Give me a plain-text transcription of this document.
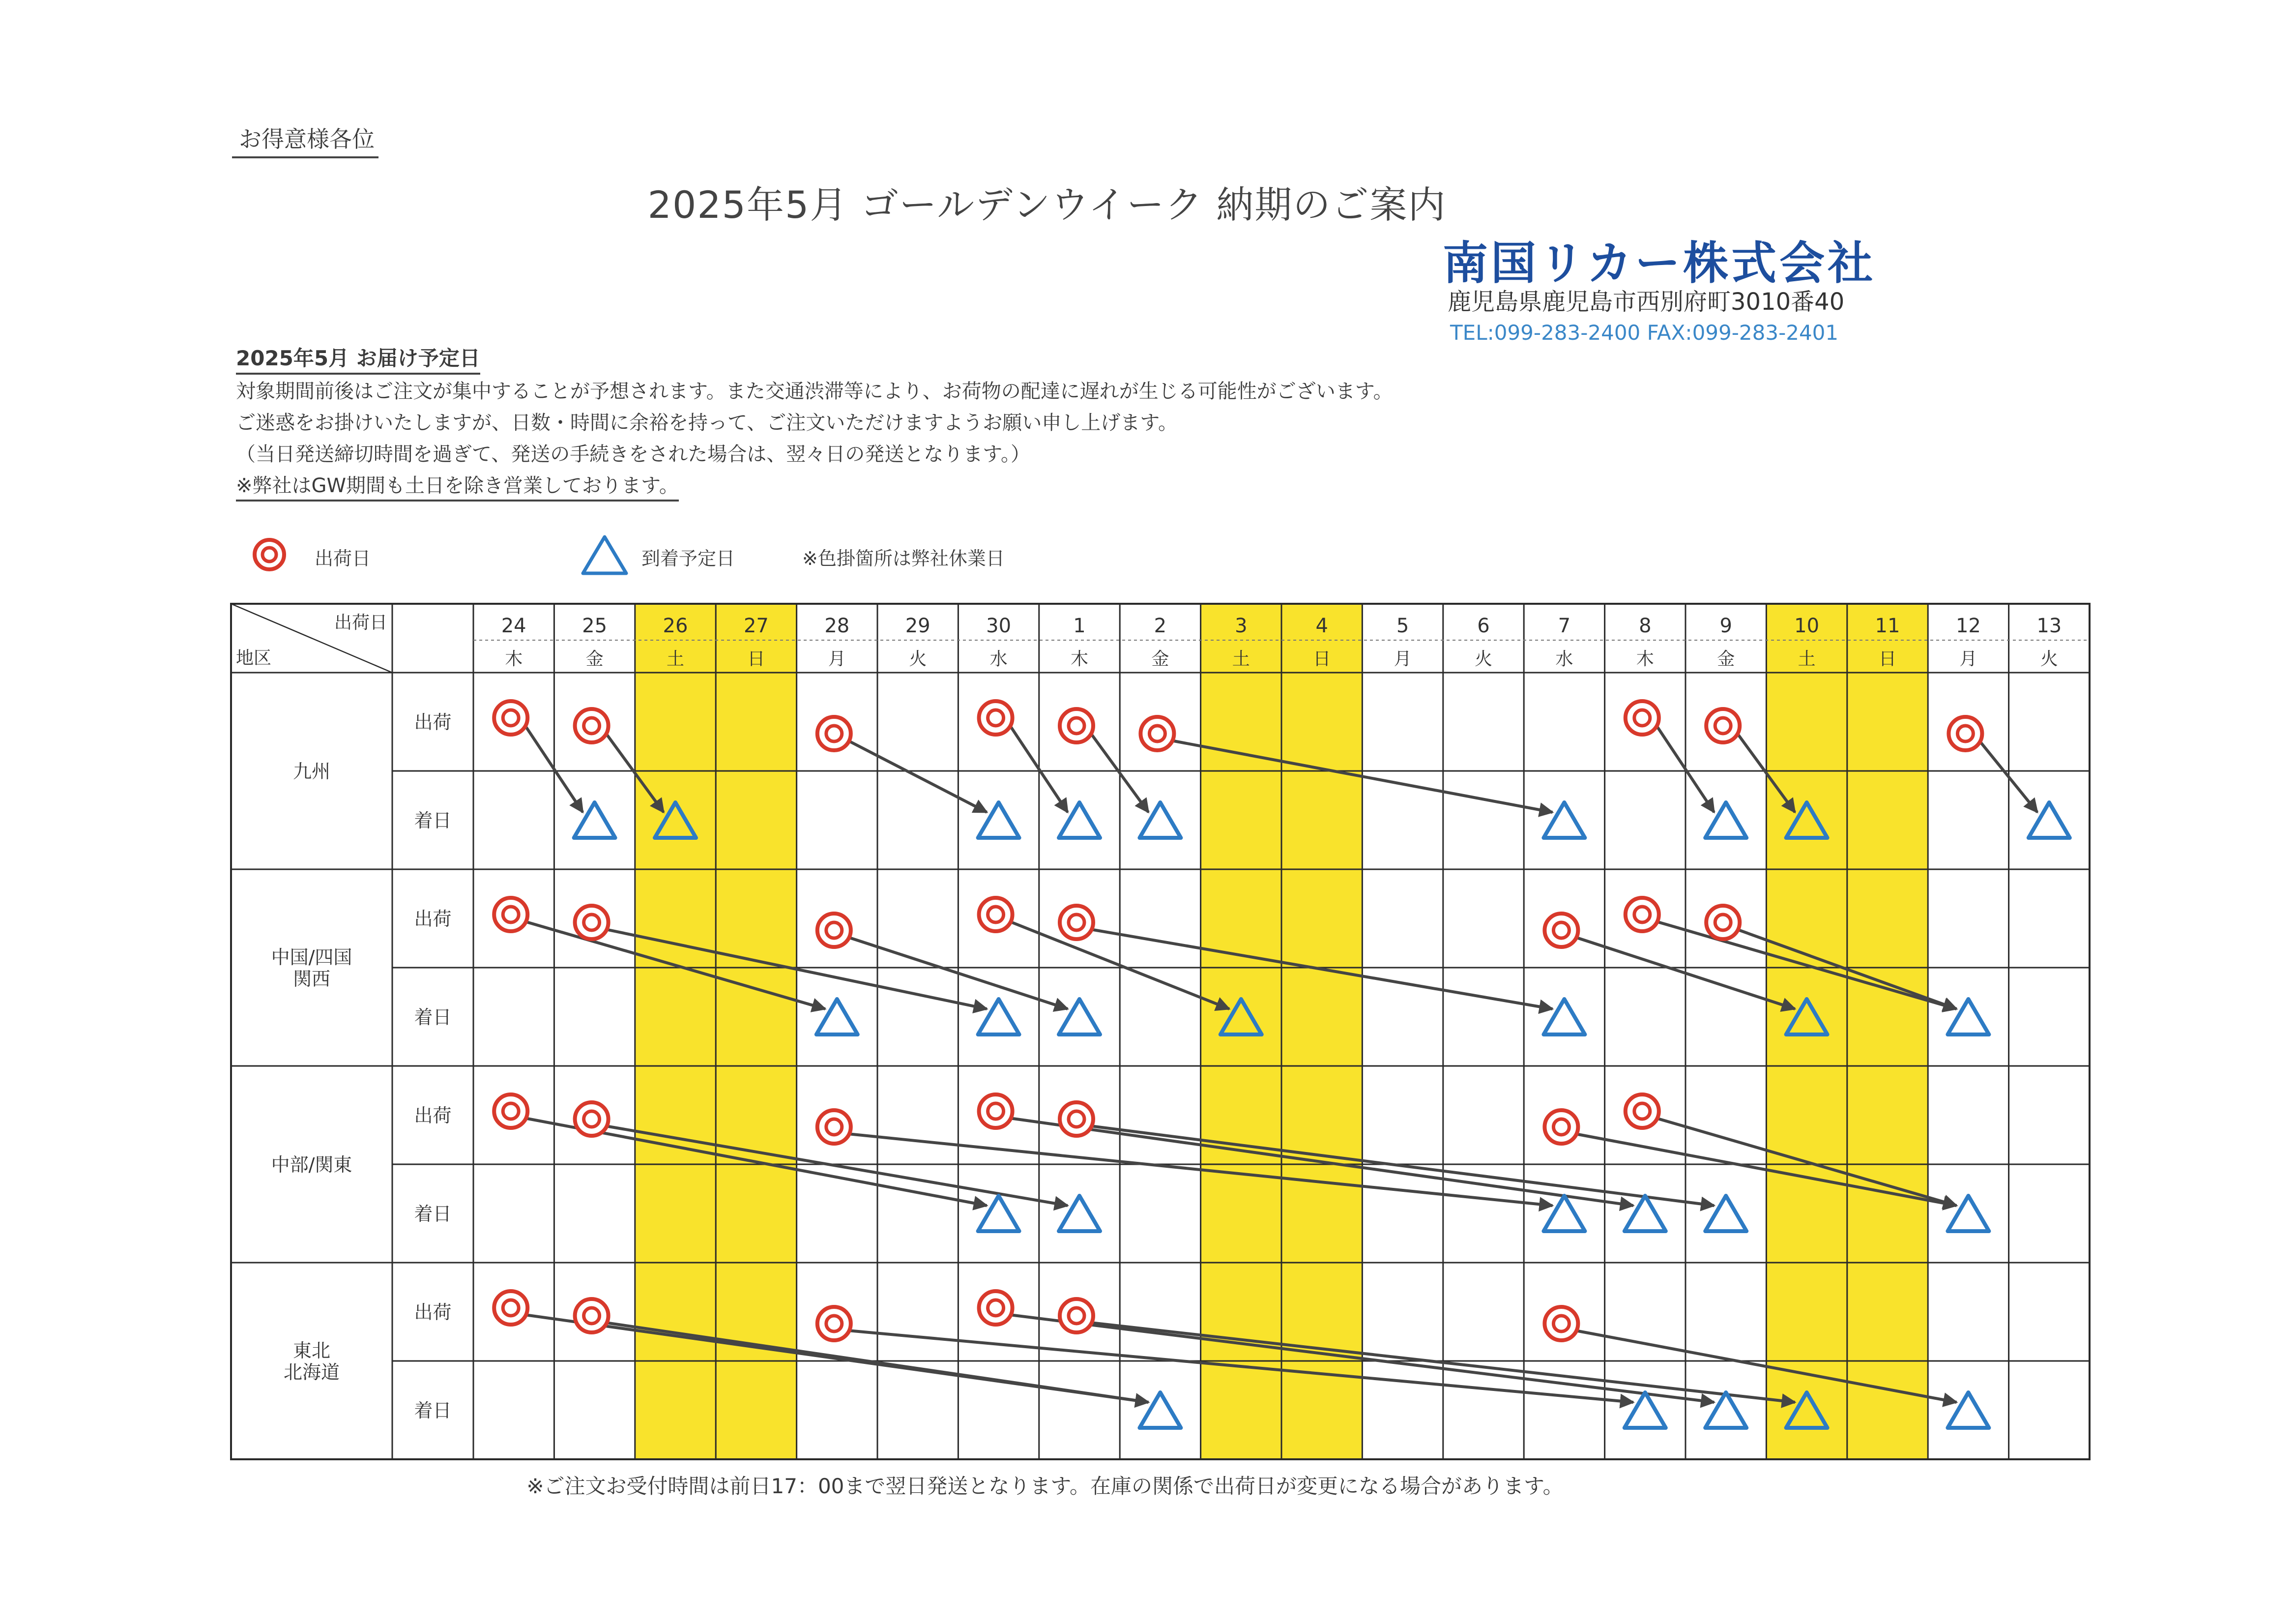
お得意様各位
2025年5月 ゴールデンウイーク 納期のご案内
南国リカー株式会社
鹿児島県鹿児島市西別府町3010番40
TEL:099-283-2400 FAX:099-283-2401
2025年5月 お届け予定日
対象期間前後はご注文が集中することが予想されます。また交通渋滞等により、お荷物の配達に遅れが生じる可能性がございます。
ご迷惑をお掛けいたしますが、日数・時間に余裕を持って、ご注文いただけますようお願い申し上げます。
（当日発送締切時間を過ぎて、発送の手続きをされた場合は、翌々日の発送となります。）
※弊社はGW期間も土日を除き営業しております。
出荷日	到着予定日	※色掛箇所は弊社休業日
24
木
25
金
26
土
27
日
28
月
29
火
30
水
1
木
2
金
3
土
4
日
5
月
6
火
7
水
8
木
9
金
10
土
11
日
12
月
13
火
出荷日
地区
九州
出荷
着日
中国/四国
関西
出荷
着日
中部/関東
出荷
着日
東北
北海道
出荷
着日
※ご注文お受付時間は前日17：00まで翌日発送となります。在庫の関係で出荷日が変更になる場合があります。
